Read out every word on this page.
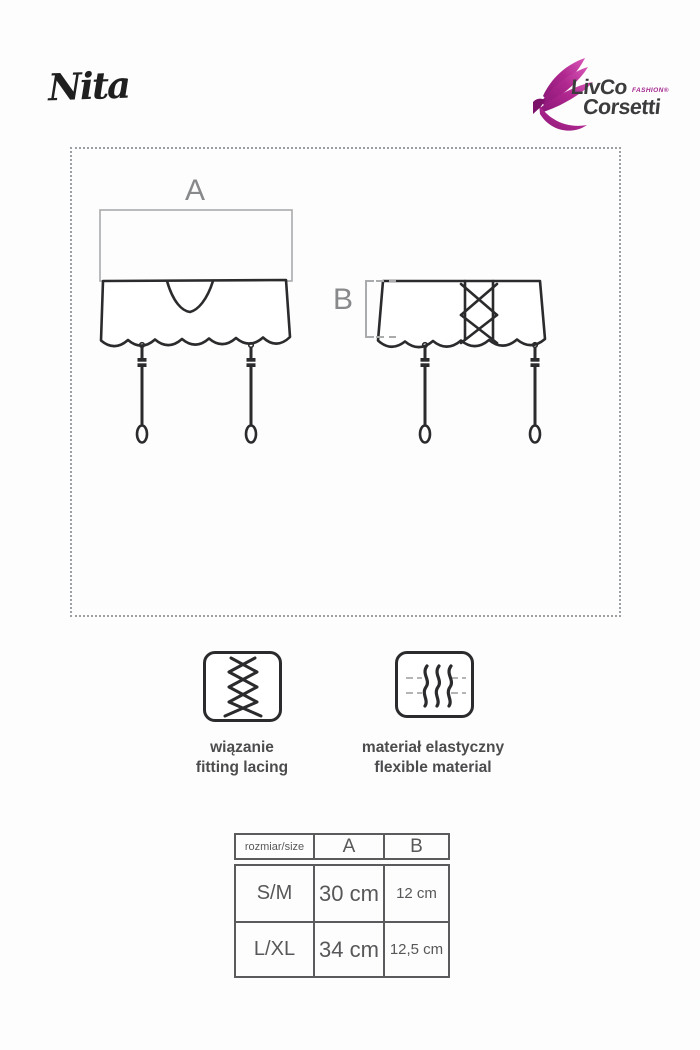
Nita	LivCo FASHION®
Corsetti
A
B
wiązanie
fitting lacing
materiał elastyczny
flexible material
rozmiar/size	A	B
S/M	30 cm	12 cm
L/XL	34 cm 12,5 cm
